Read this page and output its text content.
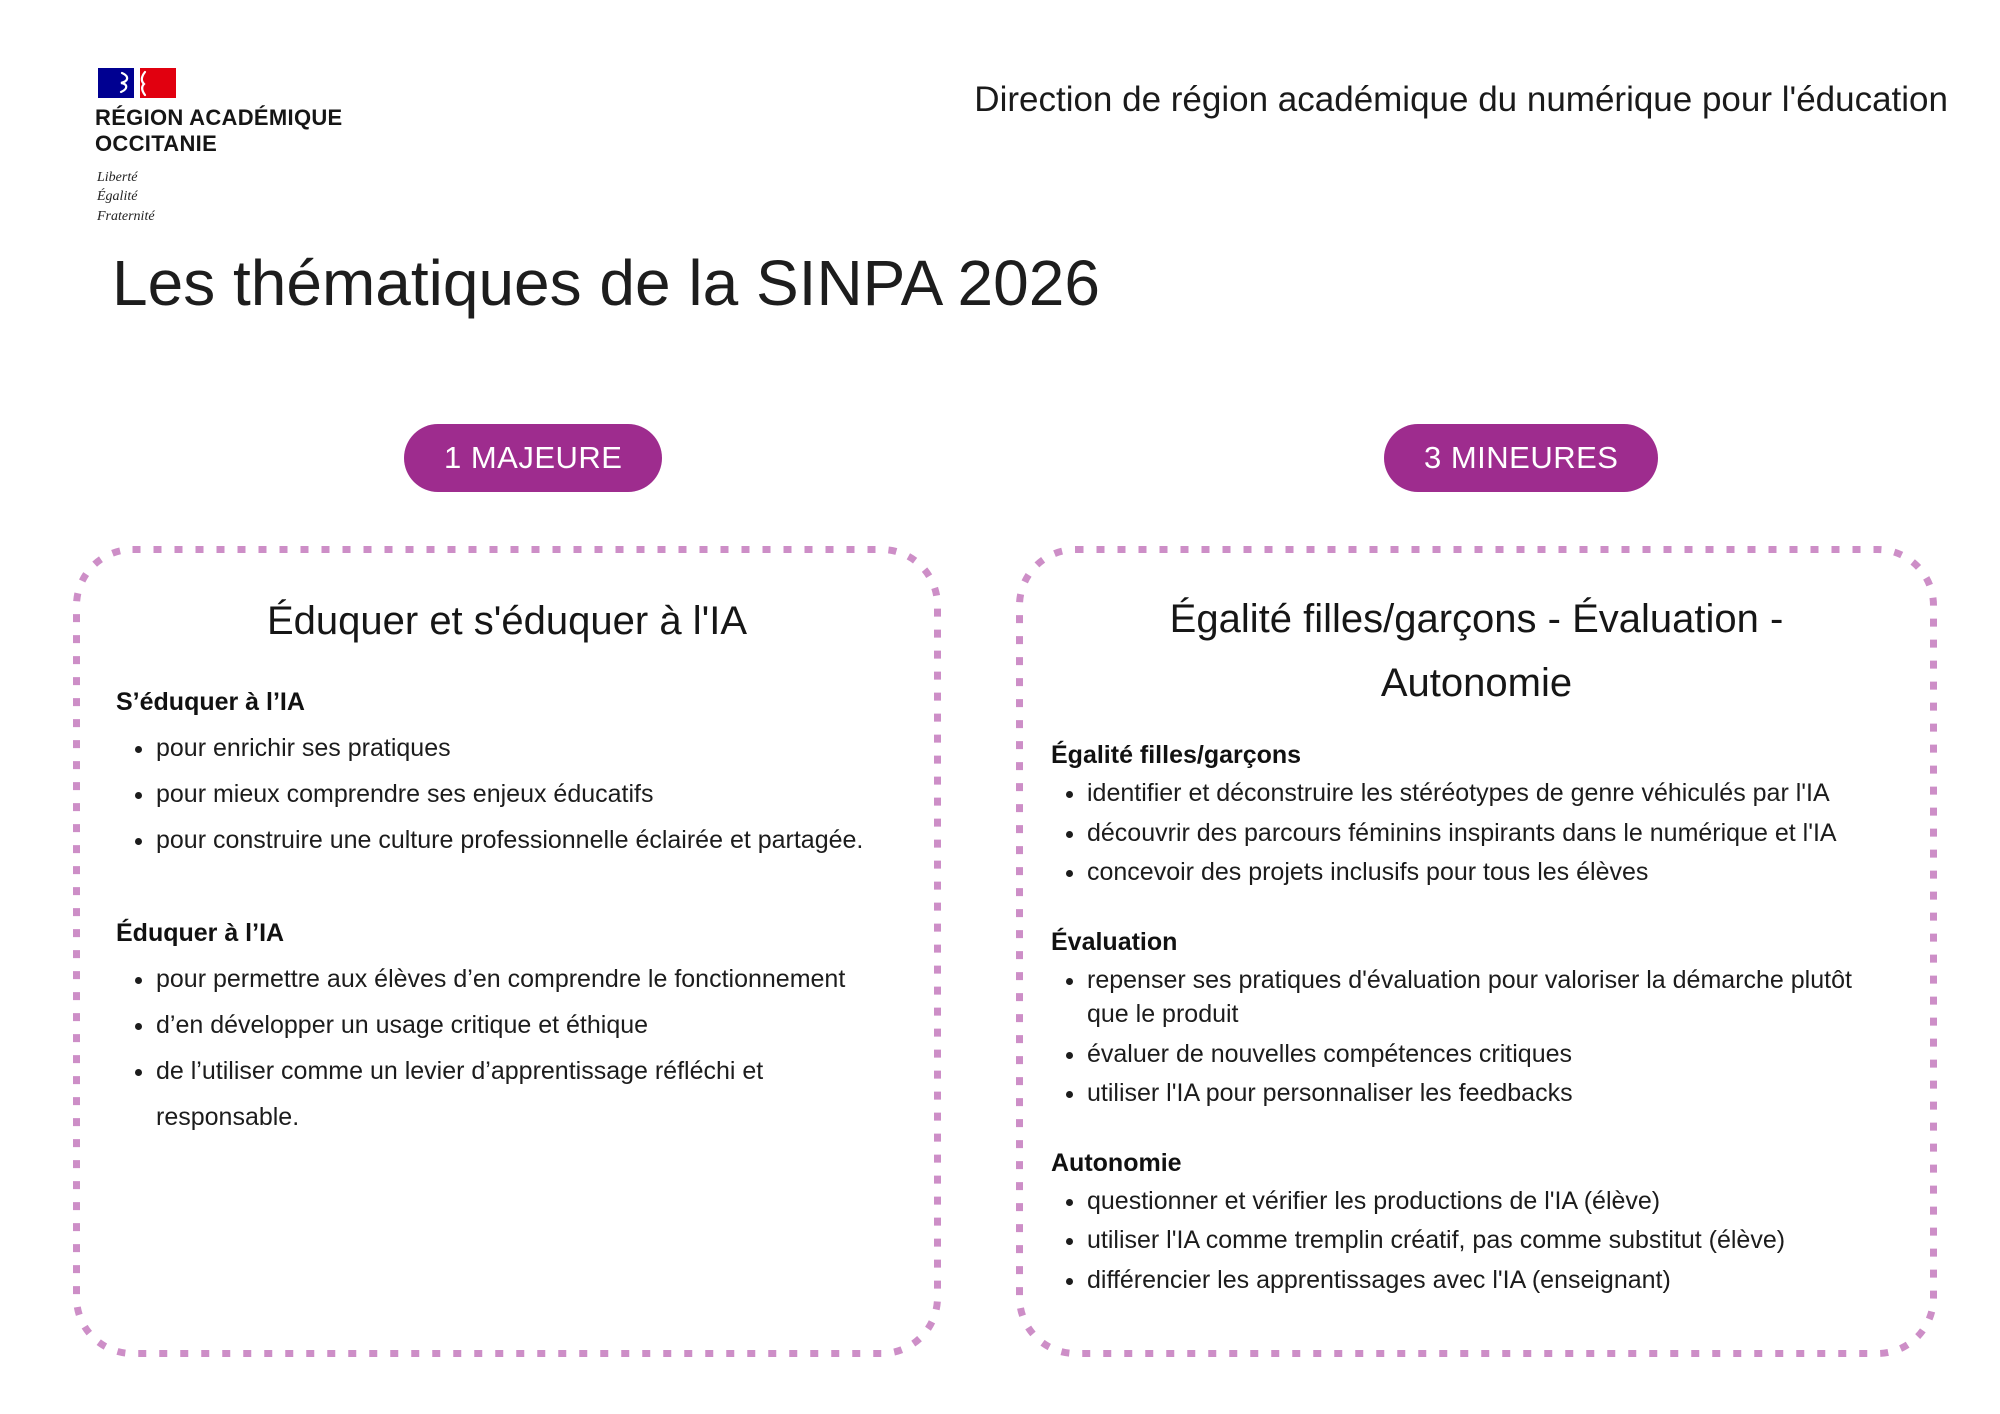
RÉGION ACADÉMIQUE
OCCITANIE
Liberté
Égalité
Fraternité
Direction de région académique du numérique pour l'éducation
Les thématiques de la SINPA 2026
1 MAJEURE	3 MINEURES
Éduquer et s'éduquer à l'IA
S’éduquer à l’IA
• pour enrichir ses pratiques
• pour mieux comprendre ses enjeux éducatifs
• pour construire une culture professionnelle éclairée et partagée.
Éduquer à l’IA
• pour permettre aux élèves d’en comprendre le fonctionnement
• d’en développer un usage critique et éthique
• de l’utiliser comme un levier d’apprentissage réfléchi et responsable.
Égalité filles/garçons - Évaluation - Autonomie
Égalité filles/garçons
• identifier et déconstruire les stéréotypes de genre véhiculés par l'IA
• découvrir des parcours féminins inspirants dans le numérique et l'IA
• concevoir des projets inclusifs pour tous les élèves
Évaluation
• repenser ses pratiques d'évaluation pour valoriser la démarche plutôt que le produit
• évaluer de nouvelles compétences critiques
• utiliser l'IA pour personnaliser les feedbacks
Autonomie
• questionner et vérifier les productions de l'IA (élève)
• utiliser l'IA comme tremplin créatif, pas comme substitut (élève)
• différencier les apprentissages avec l'IA (enseignant)
